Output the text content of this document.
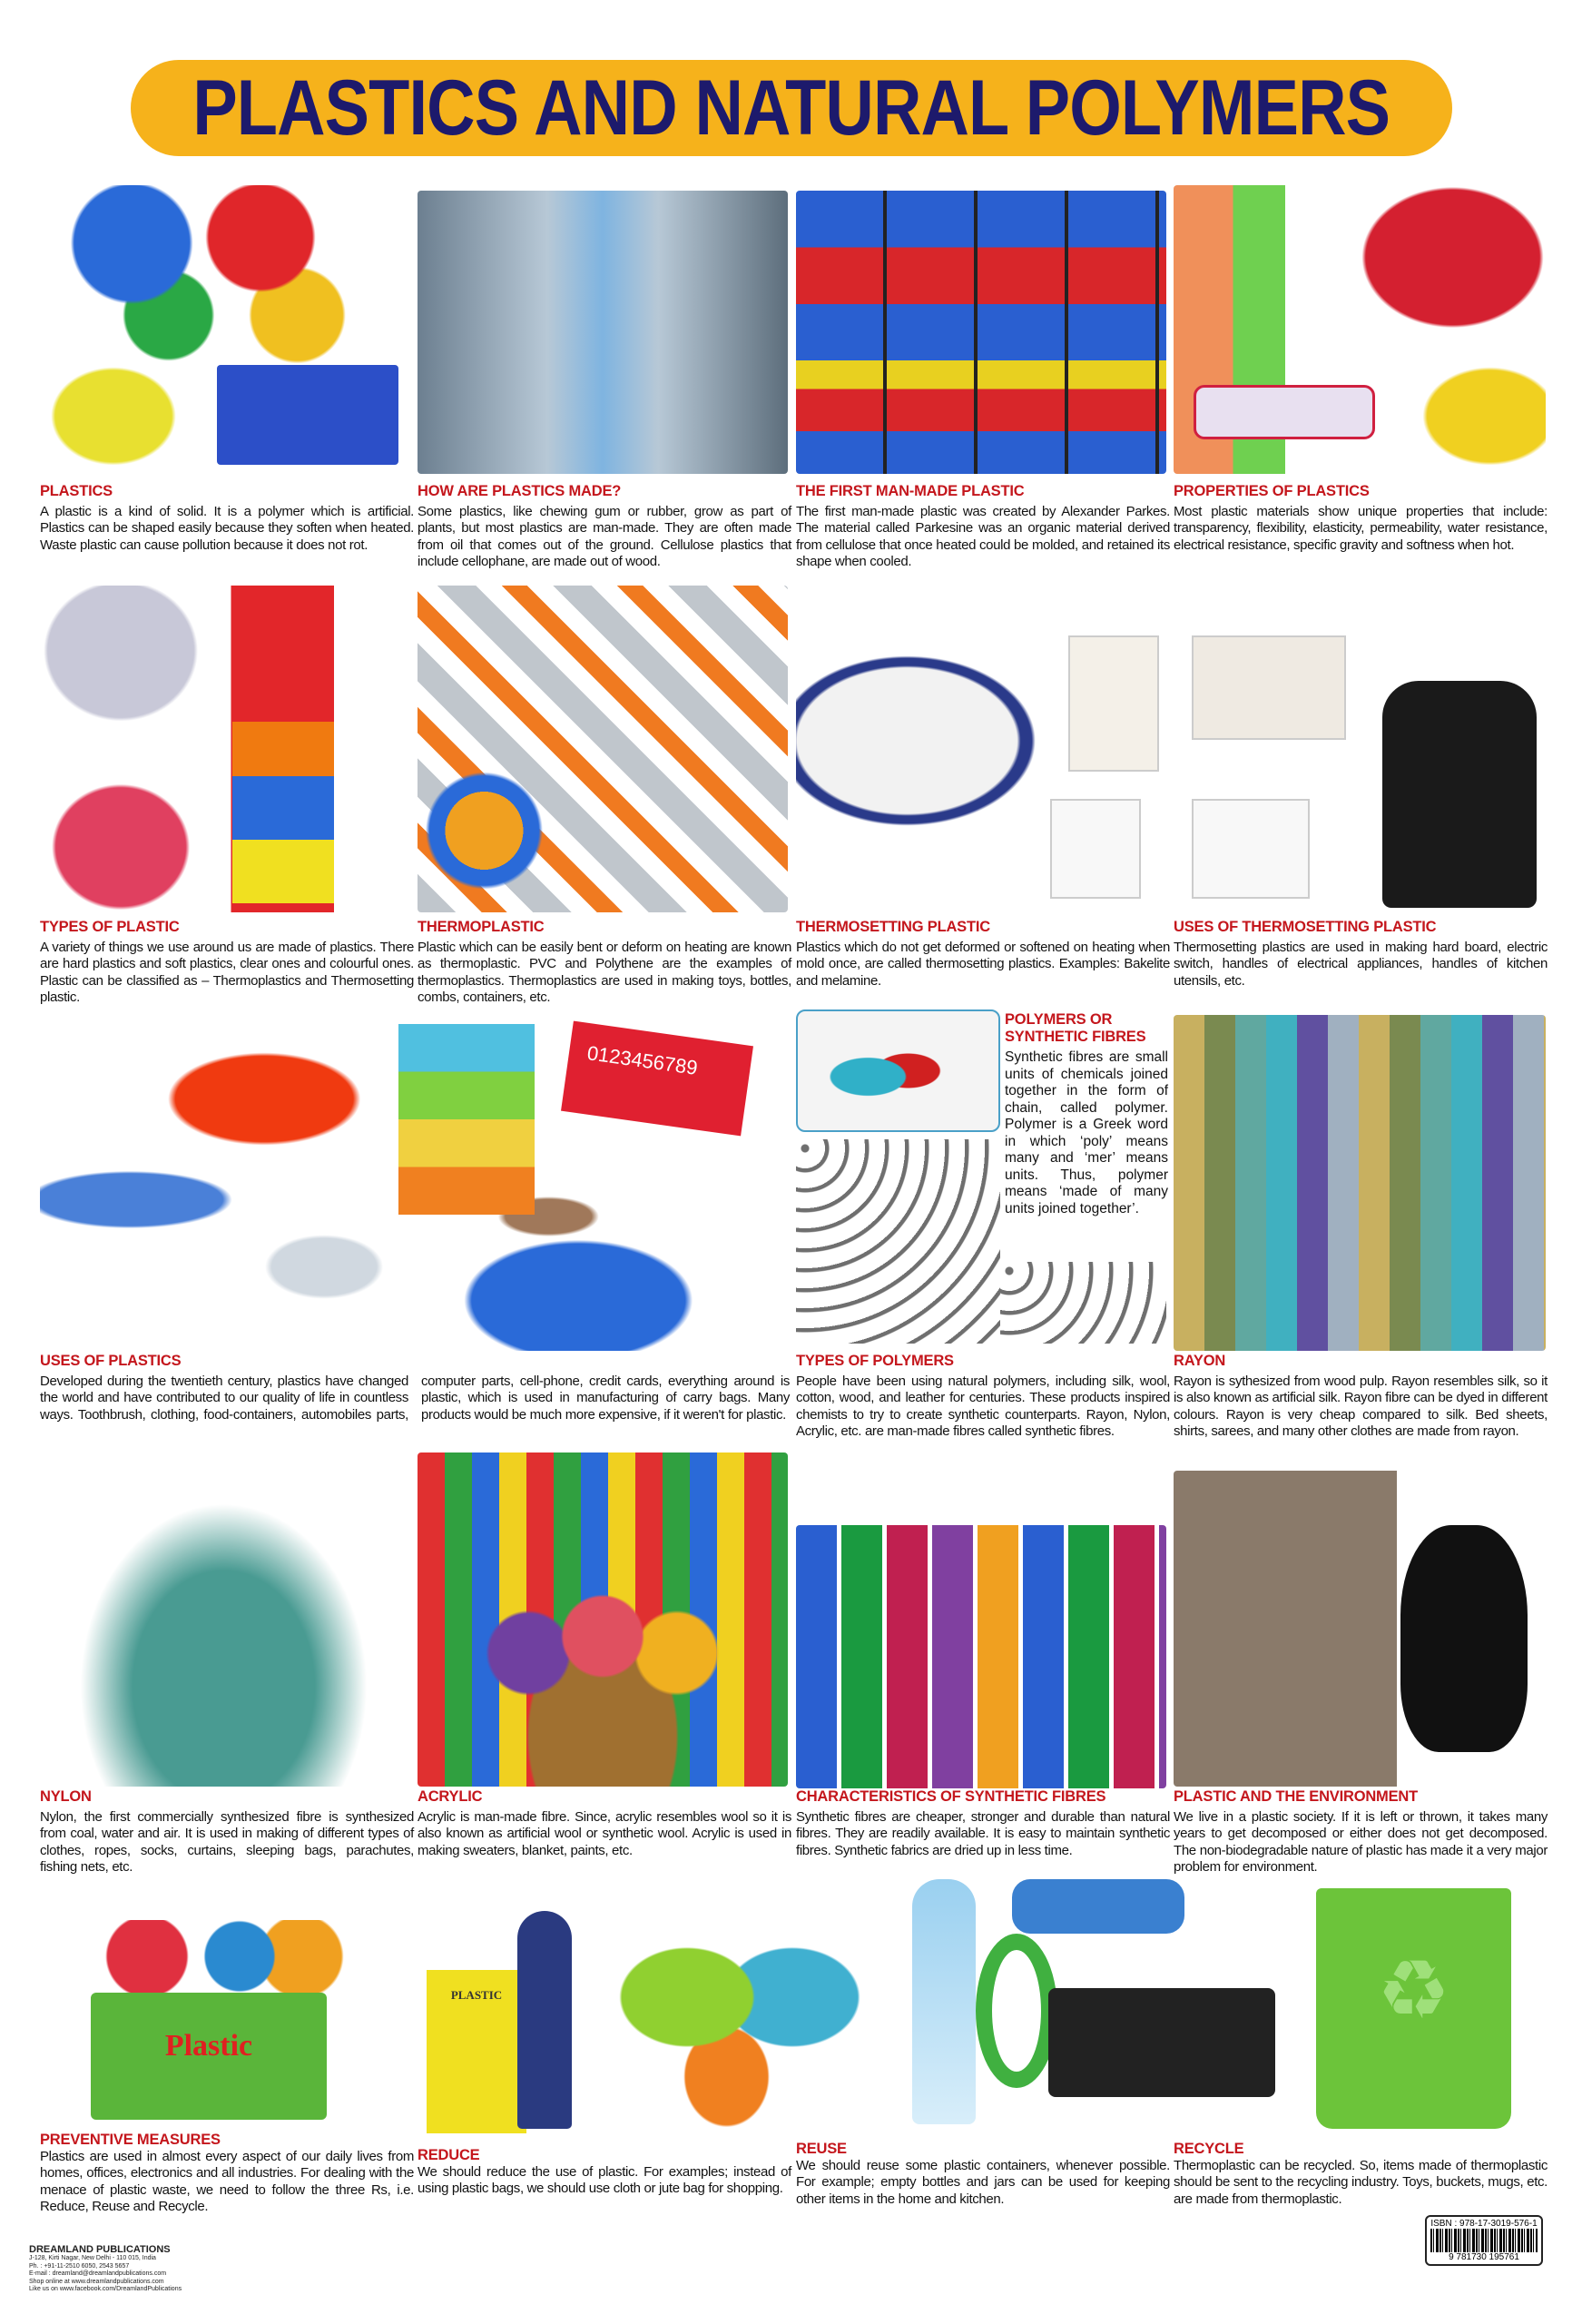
PLASTICS AND NATURAL POLYMERS
0123456789
Plastic
PLASTIC	♻
PLASTICS

A plastic is a kind of solid. It is a polymer which is artificial. Plastics can be shaped easily because they soften when heated. Waste plastic can cause pollution because it does not rot.

HOW ARE PLASTICS MADE?

Some plastics, like chewing gum or rubber, grow as part of plants, but most plastics are man-made. They are often made from oil that comes out of the ground. Cellulose plastics that include cellophane, are made out of wood.

THE FIRST MAN-MADE PLASTIC

The first man-made plastic was created by Alexander Parkes. The material called Parkesine was an organic material derived from cellulose that once heated could be molded, and retained its shape when cooled.

PROPERTIES OF PLASTICS

Most plastic materials show unique properties that include: transparency, flexibility, elasticity, permeability, water resistance, electrical resistance, specific gravity and softness when hot.

TYPES OF PLASTIC

A variety of things we use around us are made of plastics. There are hard plastics and soft plastics, clear ones and colourful ones. Plastic can be classified as – Thermoplastics and Thermosetting plastic.

THERMOPLASTIC

Plastic which can be easily bent or deform on heating are known as thermoplastic. PVC and Polythene are the examples of thermoplastics. Thermoplastics are used in making toys, bottles, combs, containers, etc.

THERMOSETTING PLASTIC

Plastics which do not get deformed or softened on heating when mold once, are called thermosetting plastics. Examples: Bakelite and melamine.

USES OF THERMOSETTING PLASTIC

Thermosetting plastics are used in making hard board, electric switch, handles of electrical appliances, handles of kitchen utensils, etc.

USES OF PLASTICS

Developed during the twentieth century, plastics have changed the world and have contributed to our quality of life in countless ways. Toothbrush, clothing, food-containers, automobiles parts, computer parts, cell-phone, credit cards, everything around is plastic, which is used in manufacturing of carry bags. Many products would be much more expensive, if it weren't for plastic.

POLYMERS OR SYNTHETIC FIBRES

Synthetic fibres are small units of chemicals joined together in the form of chain, called polymer. Polymer is a Greek word in which ‘poly’ means many and ‘mer’ means units. Thus, polymer means ‘made of many units joined together’.

TYPES OF POLYMERS

People have been using natural polymers, including silk, wool, cotton, wood, and leather for centuries. These products inspired chemists to try to create synthetic counterparts. Rayon, Nylon, Acrylic, etc. are man-made fibres called synthetic fibres.

RAYON

Rayon is sythesized from wood pulp. Rayon resembles silk, so it is also known as artificial silk. Rayon fibre can be dyed in different colours. Rayon is very cheap compared to silk. Bed sheets, shirts, sarees, and many other clothes are made from rayon.

NYLON

Nylon, the first commercially synthesized fibre is synthesized from coal, water and air. It is used in making of different types of clothes, ropes, socks, curtains, sleeping bags, parachutes, fishing nets, etc.

ACRYLIC

Acrylic is man-made fibre. Since, acrylic resembles wool so it is also known as artificial wool or synthetic wool. Acrylic is used in making sweaters, blanket, paints, etc.

CHARACTERISTICS OF SYNTHETIC FIBRES

Synthetic fibres are cheaper, stronger and durable than natural fibres. They are readily available. It is easy to maintain synthetic fibres. Synthetic fabrics are dried up in less time.

PLASTIC AND THE ENVIRONMENT

We live in a plastic society. If it is left or thrown, it takes many years to get decomposed or either does not get decomposed. The non-biodegradable nature of plastic has made it a very major problem for environment.

PREVENTIVE MEASURES

Plastics are used in almost every aspect of our daily lives from homes, offices, electronics and all industries. For dealing with the menace of plastic waste, we need to follow the three Rs, i.e. Reduce, Reuse and Recycle.

REDUCE

We should reduce the use of plastic. For examples; instead of using plastic bags, we should use cloth or jute bag for shopping.

REUSE

We should reuse some plastic containers, whenever possible. For example; empty bottles and jars can be used for keeping other items in the home and kitchen.

RECYCLE

Thermoplastic can be recycled. So, items made of thermoplastic should be sent to the recycling industry. Toys, buckets, mugs, etc. are made from thermoplastic.

DREAMLAND PUBLICATIONS
J-128, Kirti Nagar, New Delhi - 110 015, India
Ph. : +91-11-2510 6050, 2543 5657
E-mail : dreamland@dreamlandpublications.com
Shop online at www.dreamlandpublications.com
Like us on www.facebook.com/DreamlandPublications
ISBN : 978-17-3019-576-1
9 781730 195761
